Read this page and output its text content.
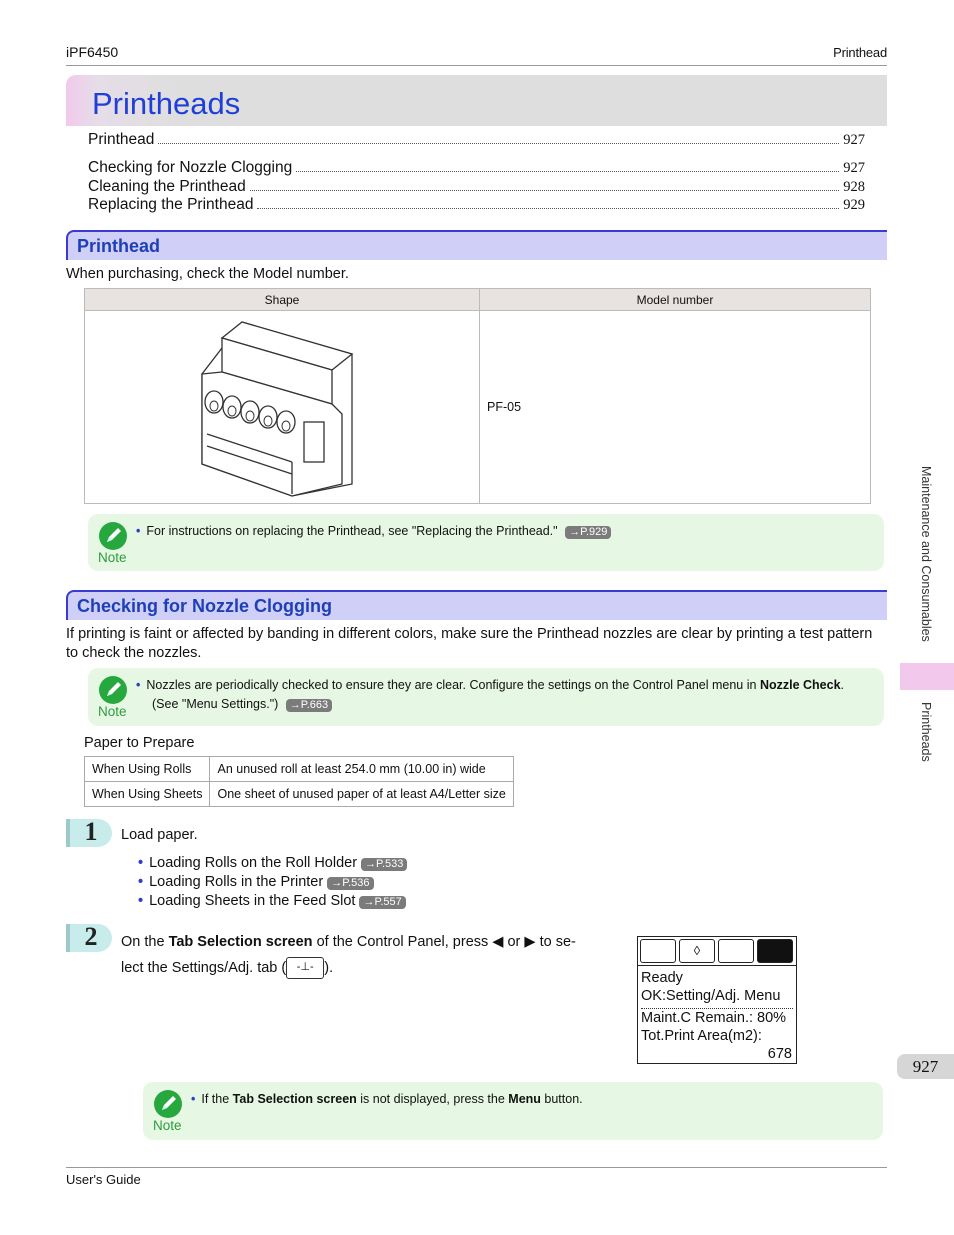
iPF6450	Printhead
Printheads
Printhead	927
Checking for Nozzle Clogging	927
Cleaning the Printhead	928
Replacing the Printhead	929
Printhead
When purchasing, check the Model number.
Shape	Model number
	PF-05
Note
• For instructions on replacing the Printhead, see "Replacing the Printhead." →P.929
Checking for Nozzle Clogging
If printing is faint or affected by banding in different colors, make sure the Printhead nozzles are clear by printing a test pattern to check the nozzles.
Note
• Nozzles are periodically checked to ensure they are clear. Configure the settings on the Control Panel menu in Nozzle Check.
(See "Menu Settings.") →P.663
Paper to Prepare
When Using Rolls	An unused roll at least 254.0 mm (10.00 in) wide
When Using Sheets	One sheet of unused paper of at least A4/Letter size
1	Load paper.
• Loading Rolls on the Roll Holder →P.533
• Loading Rolls in the Printer →P.536
• Loading Sheets in the Feed Slot →P.557
2	On the Tab Selection screen of the Control Panel, press ◀ or ▶ to se-
lect the Settings/Adj. tab ( -⊥- ).
◊
Ready
OK:Setting/Adj. Menu
Maint.C Remain.: 80%
Tot.Print Area(m2):
678
Note
• If the Tab Selection screen is not displayed, press the Menu button.
Maintenance and Consumables
Printheads
927
User's Guide
